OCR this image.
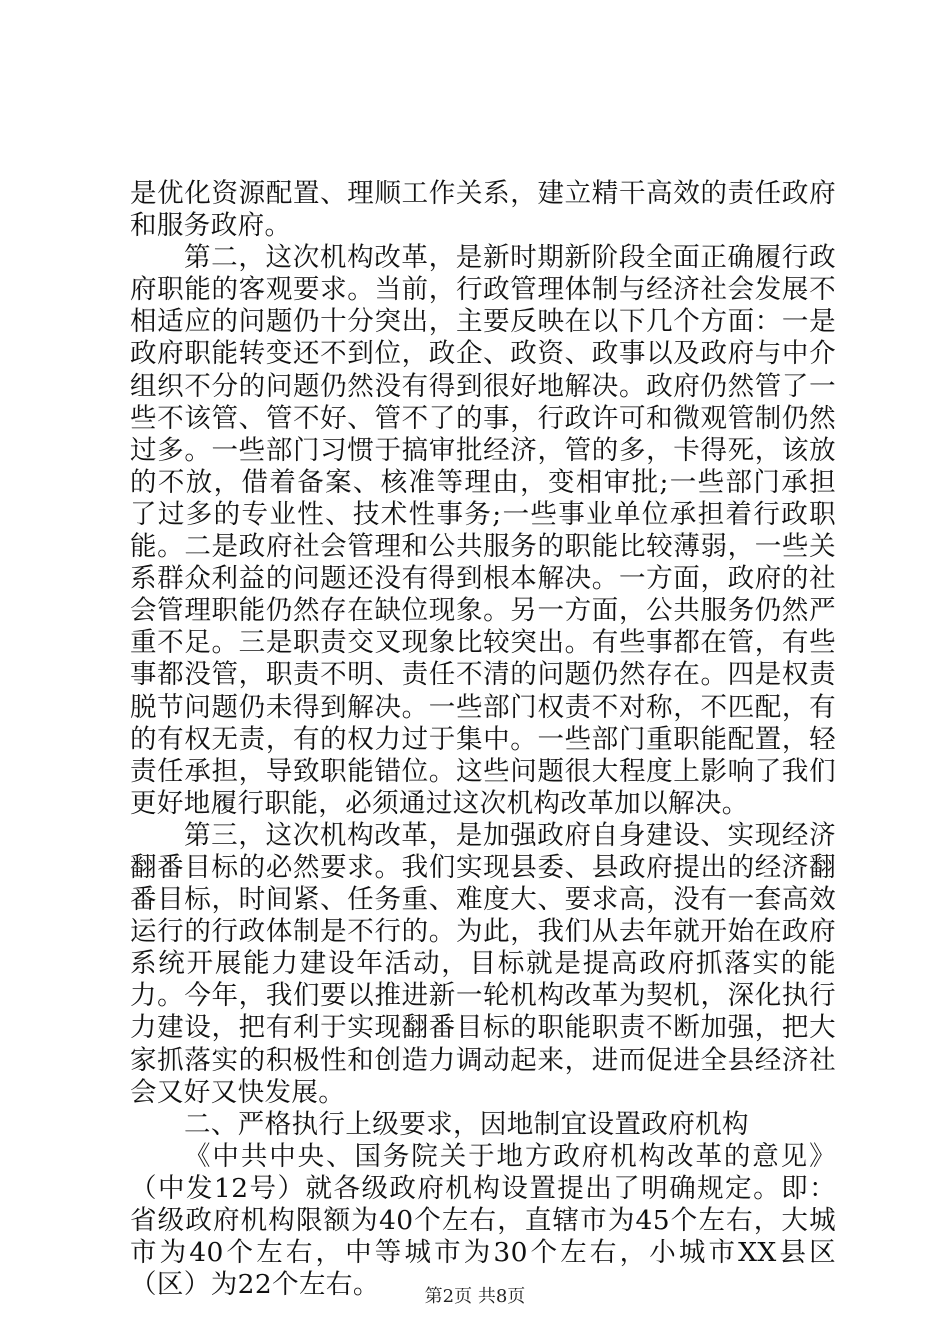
是优化资源配置、理顺工作关系，建立精干高效的责任政府和服务政府。

第二，这次机构改革，是新时期新阶段全面正确履行政府职能的客观要求。当前，行政管理体制与经济社会发展不相适应的问题仍十分突出，主要反映在以下几个方面：一是政府职能转变还不到位，政企、政资、政事以及政府与中介组织不分的问题仍然没有得到很好地解决。政府仍然管了一些不该管、管不好、管不了的事，行政许可和微观管制仍然过多。一些部门习惯于搞审批经济，管的多，卡得死，该放的不放，借着备案、核准等理由，变相审批;一些部门承担了过多的专业性、技术性事务;一些事业单位承担着行政职能。二是政府社会管理和公共服务的职能比较薄弱，一些关系群众利益的问题还没有得到根本解决。一方面，政府的社会管理职能仍然存在缺位现象。另一方面，公共服务仍然严重不足。三是职责交叉现象比较突出。有些事都在管，有些事都没管，职责不明、责任不清的问题仍然存在。四是权责脱节问题仍未得到解决。一些部门权责不对称，不匹配，有的有权无责，有的权力过于集中。一些部门重职能配置，轻责任承担，导致职能错位。这些问题很大程度上影响了我们更好地履行职能，必须通过这次机构改革加以解决。

第三，这次机构改革，是加强政府自身建设、实现经济翻番目标的必然要求。我们实现县委、县政府提出的经济翻番目标，时间紧、任务重、难度大、要求高，没有一套高效运行的行政体制是不行的。为此，我们从去年就开始在政府系统开展能力建设年活动，目标就是提高政府抓落实的能力。今年，我们要以推进新一轮机构改革为契机，深化执行力建设，把有利于实现翻番目标的职能职责不断加强，把大家抓落实的积极性和创造力调动起来，进而促进全县经济社会又好又快发展。

二、严格执行上级要求，因地制宜设置政府机构

《中共中央、国务院关于地方政府机构改革的意见》（中发12号）就各级政府机构设置提出了明确规定。即：省级政府机构限额为40个左右，直辖市为45个左右，大城市为40个左右，中等城市为30个左右，小城市XX县区（区）为22个左右。	第2页 共8页
